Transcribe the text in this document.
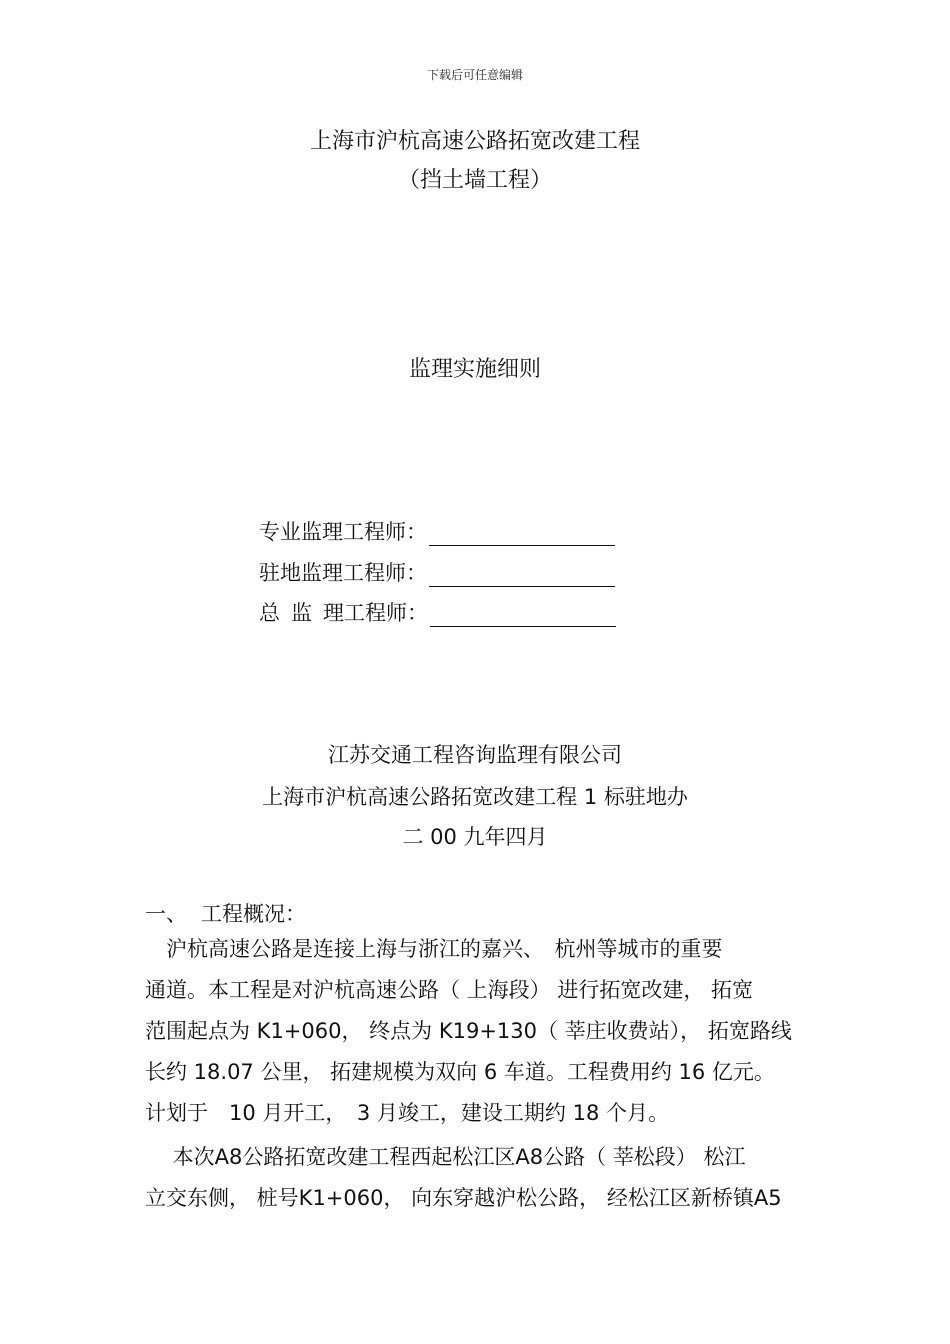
下载后可任意编辑
上海市沪杭高速公路拓宽改建工程
（挡土墙工程）
监理实施细则
专业监理工程师：
驻地监理工程师：
总 监 理工程师：
江苏交通工程咨询监理有限公司
上海市沪杭高速公路拓宽改建工程 1 标驻地办
二 00 九年四月
一、 工程概况：
　沪杭高速公路是连接上海与浙江的嘉兴、　杭州等城市的重要
通道。本工程是对沪杭高速公路（ 上海段） 进行拓宽改建， 拓宽
范围起点为 K1+060， 终点为 K19+130（ 莘庄收费站）， 拓宽路线
长约 18.07 公里， 拓建规模为双向 6 车道。工程费用约 16 亿元。
计划于　10 月开工，　3 月竣工，建设工期约 18 个月。
　 本次A8公路拓宽改建工程西起松江区A8公路（ 莘松段） 松江
立交东侧， 桩号K1+060， 向东穿越沪松公路， 经松江区新桥镇A5
